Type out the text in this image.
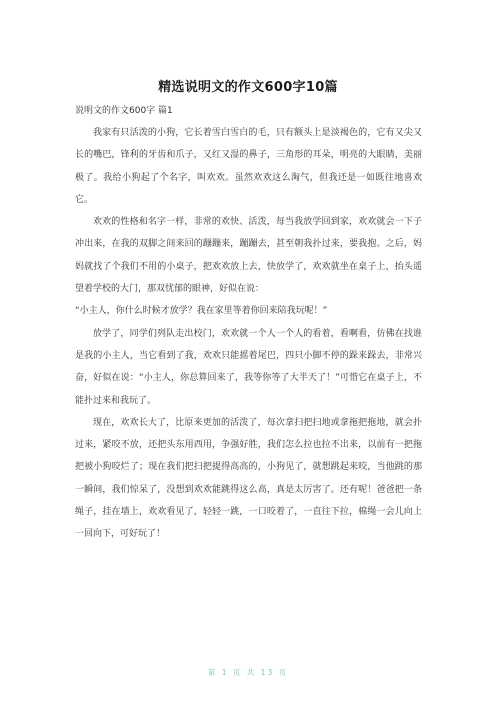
精选说明文的作文600字10篇
说明文的作文600字 篇1

我家有只活泼的小狗，它长着雪白雪白的毛，只有额头上是淡褐色的，它有又尖又长的嘴巴，锋利的牙齿和爪子，又红又湿的鼻子，三角形的耳朵，明亮的大眼睛，美丽极了。我给小狗起了个名字，叫欢欢。虽然欢欢这么淘气，但我还是一如既往地喜欢它。

欢欢的性格和名字一样，非常的欢快、活泼，每当我放学回到家，欢欢就会一下子冲出来，在我的双脚之间来回的蹦蹦来，蹦蹦去，甚至朝我扑过来，要我抱。之后，妈妈就找了个我们不用的小桌子，把欢欢放上去，快放学了，欢欢就坐在桌子上，抬头遥望着学校的大门，那双忧郁的眼神，好似在说：

“小主人，你什么时候才放学？我在家里等着你回来陪我玩呢！”

放学了，同学们列队走出校门，欢欢就一个人一个人的看着，看啊看，仿佛在找谁是我的小主人，当它看到了我，欢欢只能摇着尾巴，四只小脚不停的跺来跺去，非常兴奋，好似在说：“小主人，你总算回来了，我等你等了大半天了！”可惜它在桌子上，不能扑过来和我玩了。

现在，欢欢长大了，比原来更加的活泼了，每次拿扫把扫地或拿拖把拖地，就会扑过来，紧咬不放，还把头东用西用，争强好胜，我们怎么拉也拉不出来，以前有一把拖把被小狗咬烂了；现在我们把扫把提得高高的，小狗见了，就想跳起来咬，当他跳的那一瞬间，我们惊呆了，没想到欢欢能跳得这么高，真是太厉害了。还有呢！爸爸把一条绳子，挂在墙上，欢欢看见了，轻轻一跳，一口咬着了，一直往下拉，棉绳一会儿向上一回向下，可好玩了！

第 1 页 共 13 页
